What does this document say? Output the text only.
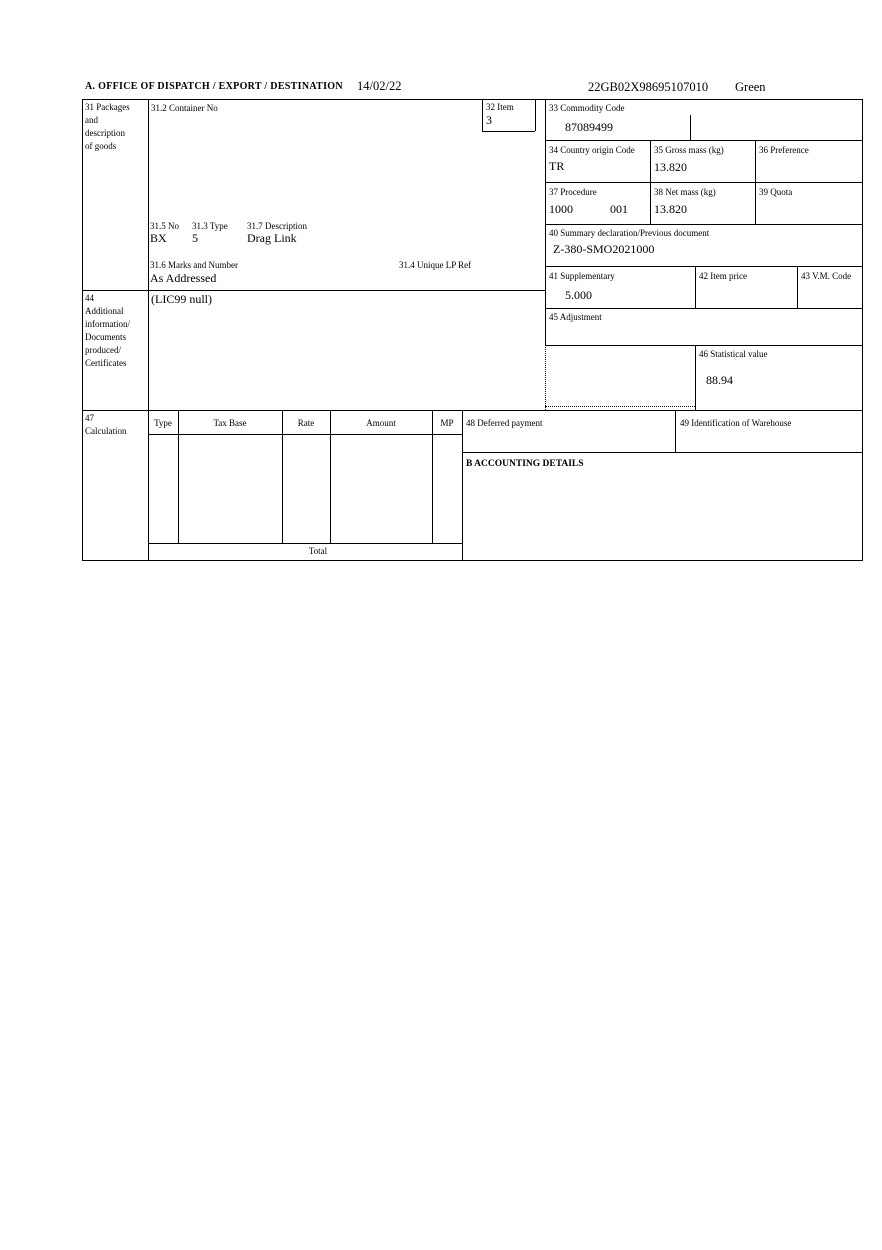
A. OFFICE OF DISPATCH / EXPORT / DESTINATION 14/02/22	22GB02X98695107010 Green
31 Packages
and
description
of goods
31.2 Container No
31.5 No 31.3 Type 31.7 Description
BX 5	Drag Link
31.6 Marks and Number	31.4 Unique LP Ref
As Addressed
32 Item
3
33 Commodity Code
87089499
34 Country origin Code
TR
35 Gross mass (kg)
13.820
36 Preference
37 Procedure
1000	001
38 Net mass (kg)
13.820
39 Quota
40 Summary declaration/Previous document
Z-380-SMO2021000
41 Supplementary
5.000
42 Item price	43 V.M. Code
44
Additional
information/
Documents
produced/
Certificates
(LIC99 null)
45 Adjustment
46 Statistical value
88.94
47
Calculation
Type	Tax Base	Rate	Amount	MP
Total
48 Deferred payment	49 Identification of Warehouse
B ACCOUNTING DETAILS
